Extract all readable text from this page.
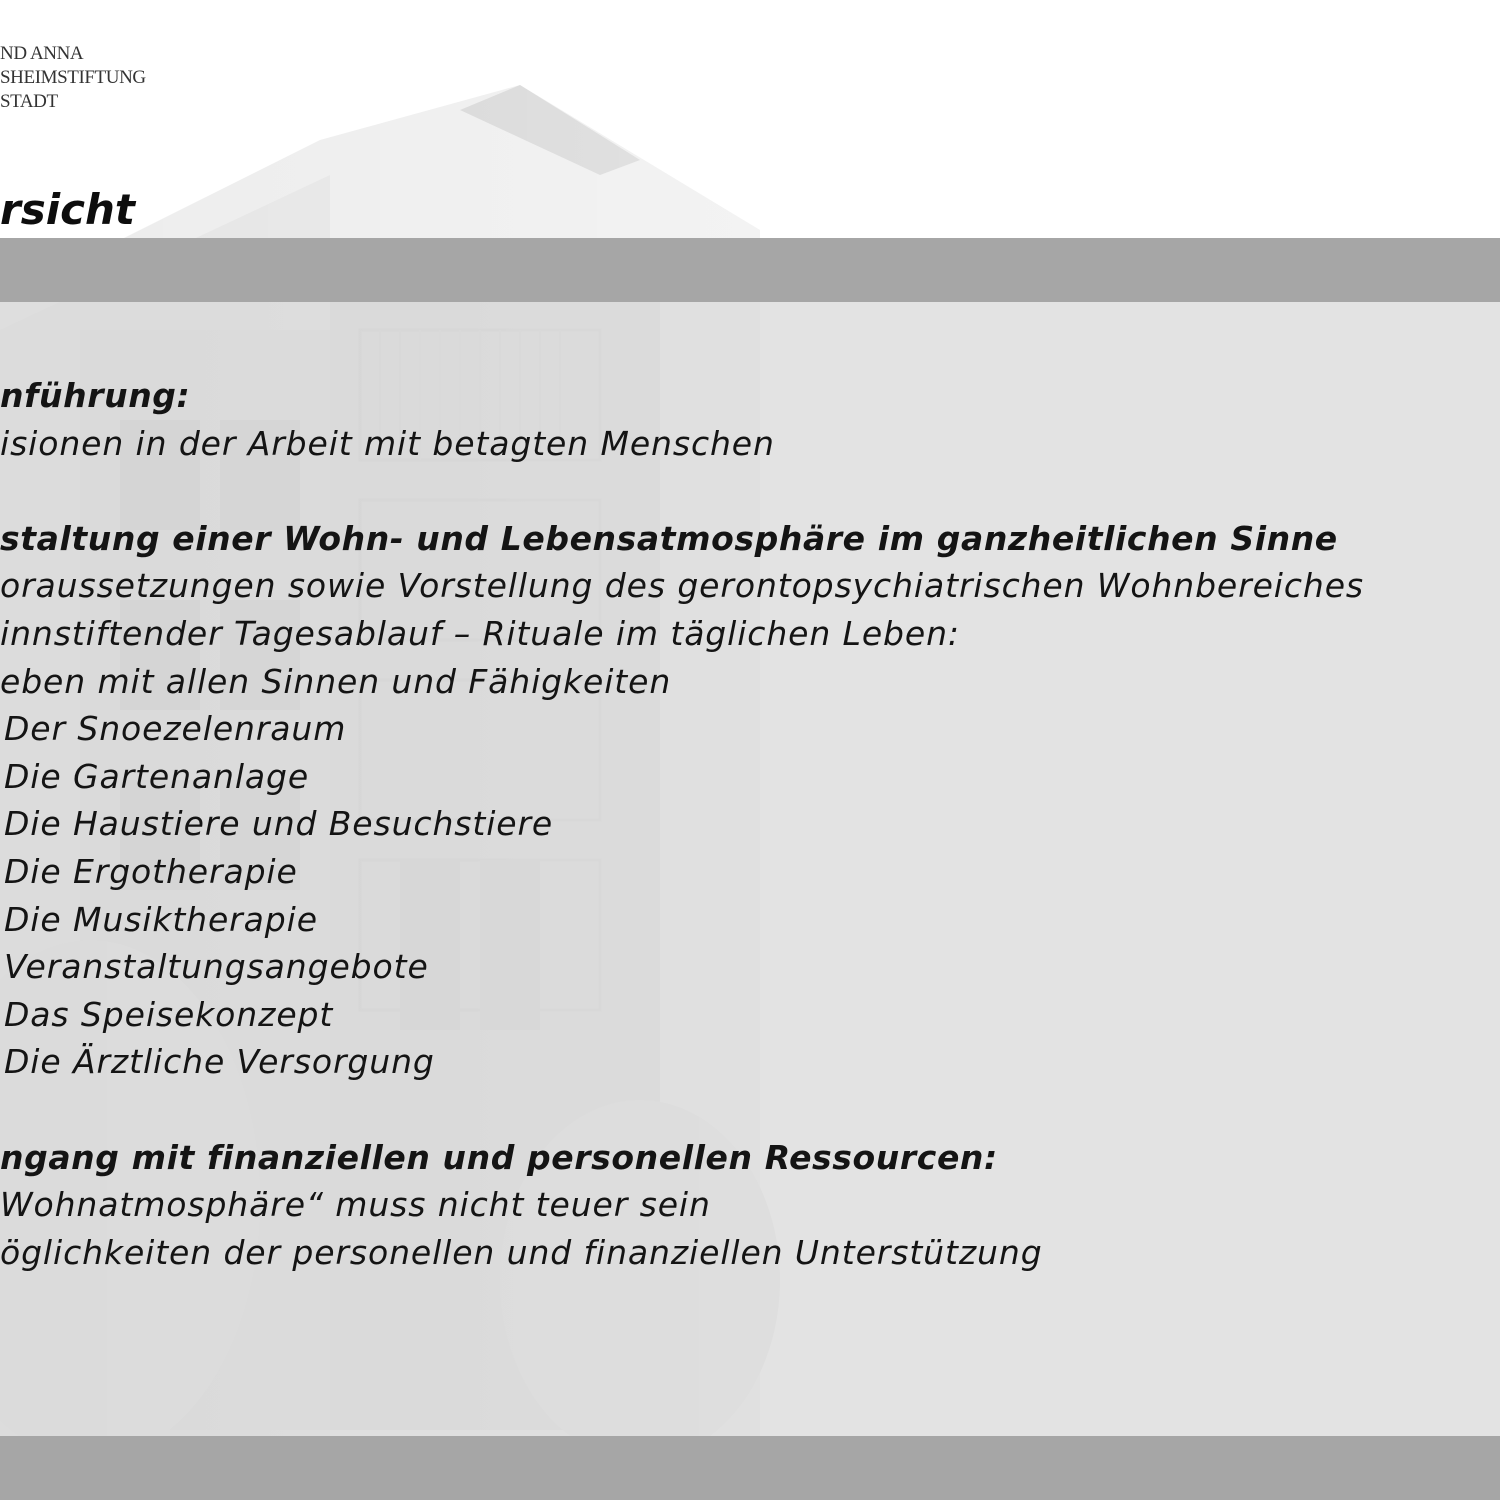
ND ANNA
SHEIMSTIFTUNG
STADT
rsicht
nführung:
isionen in der Arbeit mit betagten Menschen
staltung einer Wohn- und Lebensatmosphäre im ganzheitlichen Sinne
oraussetzungen sowie Vorstellung des gerontopsychiatrischen Wohnbereiches
innstiftender Tagesablauf – Rituale im täglichen Leben:
eben mit allen Sinnen und Fähigkeiten
Der Snoezelenraum
Die Gartenanlage
Die Haustiere und Besuchstiere
Die Ergotherapie
Die Musiktherapie
Veranstaltungsangebote
Das Speisekonzept
Die Ärztliche Versorgung
ngang mit finanziellen und personellen Ressourcen:
Wohnatmosphäre“ muss nicht teuer sein
öglichkeiten der personellen und finanziellen Unterstützung
